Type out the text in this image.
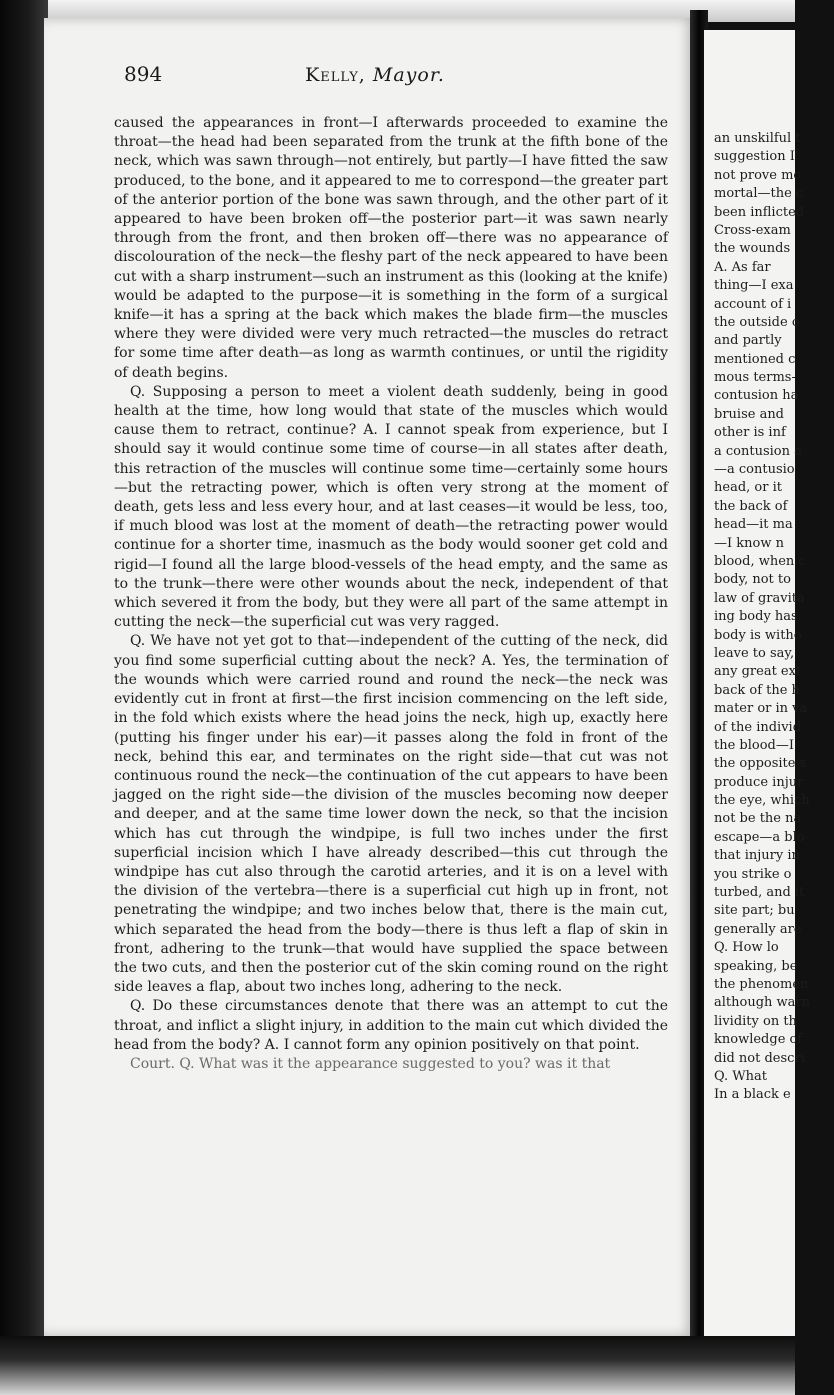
894	Kelly, Mayor.

caused the appearances in front—I afterwards proceeded to examine the throat—the head had been separated from the trunk at the fifth bone of the neck, which was sawn through—not entirely, but partly—I have fitted the saw produced, to the bone, and it appeared to me to correspond—the greater part of the anterior portion of the bone was sawn through, and the other part of it appeared to have been broken off—the posterior part—it was sawn nearly through from the front, and then broken off—there was no appearance of discolouration of the neck—the fleshy part of the neck appeared to have been cut with a sharp instrument—such an instrument as this (looking at the knife) would be adapted to the purpose—it is something in the form of a surgical knife—it has a spring at the back which makes the blade firm—the muscles where they were divided were very much retracted—the muscles do retract for some time after death—as long as warmth continues, or until the rigidity of death begins.

Q. Supposing a person to meet a violent death suddenly, being in good health at the time, how long would that state of the muscles which would cause them to retract, continue? A. I cannot speak from experience, but I should say it would continue some time of course—in all states after death, this retraction of the muscles will continue some time—certainly some hours—but the retracting power, which is often very strong at the moment of death, gets less and less every hour, and at last ceases—it would be less, too, if much blood was lost at the moment of death—the retracting power would continue for a shorter time, inasmuch as the body would sooner get cold and rigid—I found all the large blood-vessels of the head empty, and the same as to the trunk—there were other wounds about the neck, independent of that which severed it from the body, but they were all part of the same attempt in cutting the neck—the superficial cut was very ragged.

Q. We have not yet got to that—independent of the cutting of the neck, did you find some superficial cutting about the neck? A. Yes, the termination of the wounds which were carried round and round the neck—the neck was evidently cut in front at first—the first incision commencing on the left side, in the fold which exists where the head joins the neck, high up, exactly here (putting his finger under his ear)—it passes along the fold in front of the neck, behind this ear, and terminates on the right side—that cut was not continuous round the neck—the continuation of the cut appears to have been jagged on the right side—the division of the muscles becoming now deeper and deeper, and at the same time lower down the neck, so that the incision which has cut through the windpipe, is full two inches under the first superficial incision which I have already described—this cut through the windpipe has cut also through the carotid arteries, and it is on a level with the division of the vertebra—there is a superficial cut high up in front, not penetrating the windpipe; and two inches below that, there is the main cut, which separated the head from the body—there is thus left a flap of skin in front, adhering to the trunk—that would have supplied the space between the two cuts, and then the posterior cut of the skin coming round on the right side leaves a flap, about two inches long, adhering to the neck.

Q. Do these circumstances denote that there was an attempt to cut the throat, and inflict a slight injury, in addition to the main cut which divided the head from the body? A. I cannot form any opinion positively on that point.

Court. Q. What was it the appearance suggested to you? was it that

an unskilful t
suggestion I
not prove mo
mortal—the c
been inflicted
Cross-exam
the wounds
A. As far
thing—I exa
account of i
the outside o
and partly
mentioned c
mous terms-
contusion ha
bruise and
other is inf
a contusion a
—a contusio
head, or it
the back of
head—it ma
—I know n
blood, when c
body, not to
law of gravita
ing body has
body is witho
leave to say,
any great ext
back of the h
mater or in va
of the individ
the blood—I
the opposite s
produce injur
the eye, which
not be the na
escape—a blo
that injury in
you strike o
turbed, and it
site part; bu
generally are
Q. How lo
speaking, be
the phenomen
although warn
lividity on th
knowledge of
did not descri
Q. What
In a black e
